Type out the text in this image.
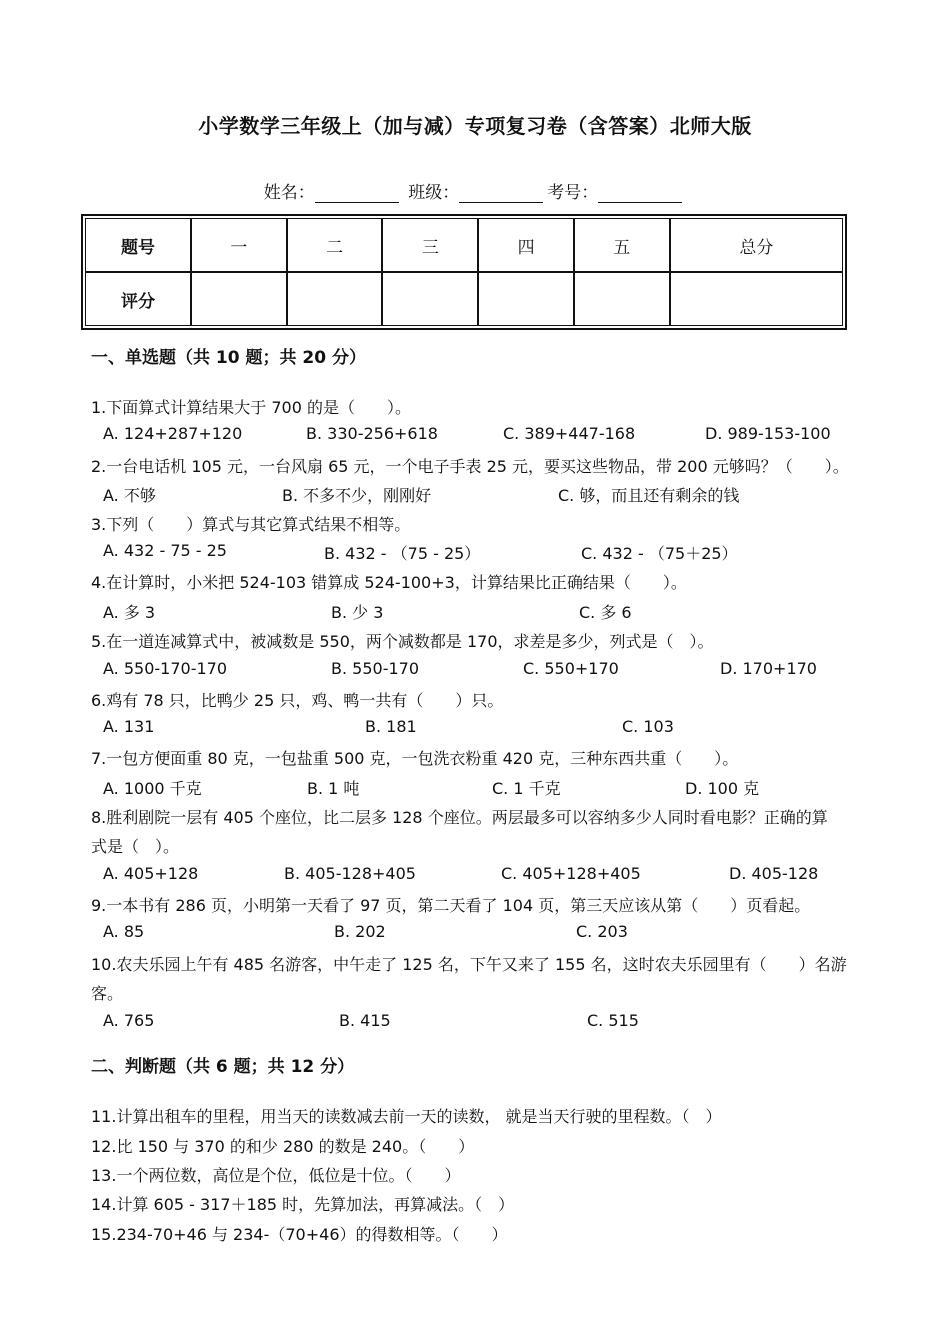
小学数学三年级上（加与减）专项复习卷（含答案）北师大版
姓名：	班级：	考号：
题号	一	二	三	四	五	总分
评分						
一、单选题（共 10 题；共 20 分）
1.下面算式计算结果大于 700 的是（　　）。
A. 124+287+120	B. 330-256+618	C. 389+447-168	D. 989-153-100
2.一台电话机 105 元，一台风扇 65 元，一个电子手表 25 元，要买这些物品，带 200 元够吗？（　　）。
A. 不够	B. 不多不少，刚刚好	C. 够，而且还有剩余的钱
3.下列（　　）算式与其它算式结果不相等。
A. 432 - 75 - 25	B. 432 - （75 - 25）	C. 432 - （75＋25）
4.在计算时，小米把 524-103 错算成 524-100+3，计算结果比正确结果（　　）。
A. 多 3	B. 少 3	C. 多 6
5.在一道连减算式中，被减数是 550，两个减数都是 170，求差是多少，列式是（　）。
A. 550-170-170	B. 550-170	C. 550+170	D. 170+170
6.鸡有 78 只，比鸭少 25 只，鸡、鸭一共有（　　）只。
A. 131	B. 181	C. 103
7.一包方便面重 80 克，一包盐重 500 克，一包洗衣粉重 420 克，三种东西共重（　　）。
A. 1000 千克	B. 1 吨	C. 1 千克	D. 100 克
8.胜利剧院一层有 405 个座位，比二层多 128 个座位。两层最多可以容纳多少人同时看电影？正确的算
式是（　）。
A. 405+128	B. 405-128+405	C. 405+128+405	D. 405-128
9.一本书有 286 页，小明第一天看了 97 页，第二天看了 104 页，第三天应该从第（　　）页看起。
A. 85	B. 202	C. 203
10.农夫乐园上午有 485 名游客，中午走了 125 名，下午又来了 155 名，这时农夫乐园里有（　　）名游
客。
A. 765	B. 415	C. 515
二、判断题（共 6 题；共 12 分）
11.计算出租车的里程，用当天的读数减去前一天的读数， 就是当天行驶的里程数。（　）
12.比 150 与 370 的和少 280 的数是 240。（　　）
13.一个两位数，高位是个位，低位是十位。（　　）
14.计算 605 - 317＋185 时，先算加法，再算减法。（　）
15.234-70+46 与 234-（70+46）的得数相等。（　　）
